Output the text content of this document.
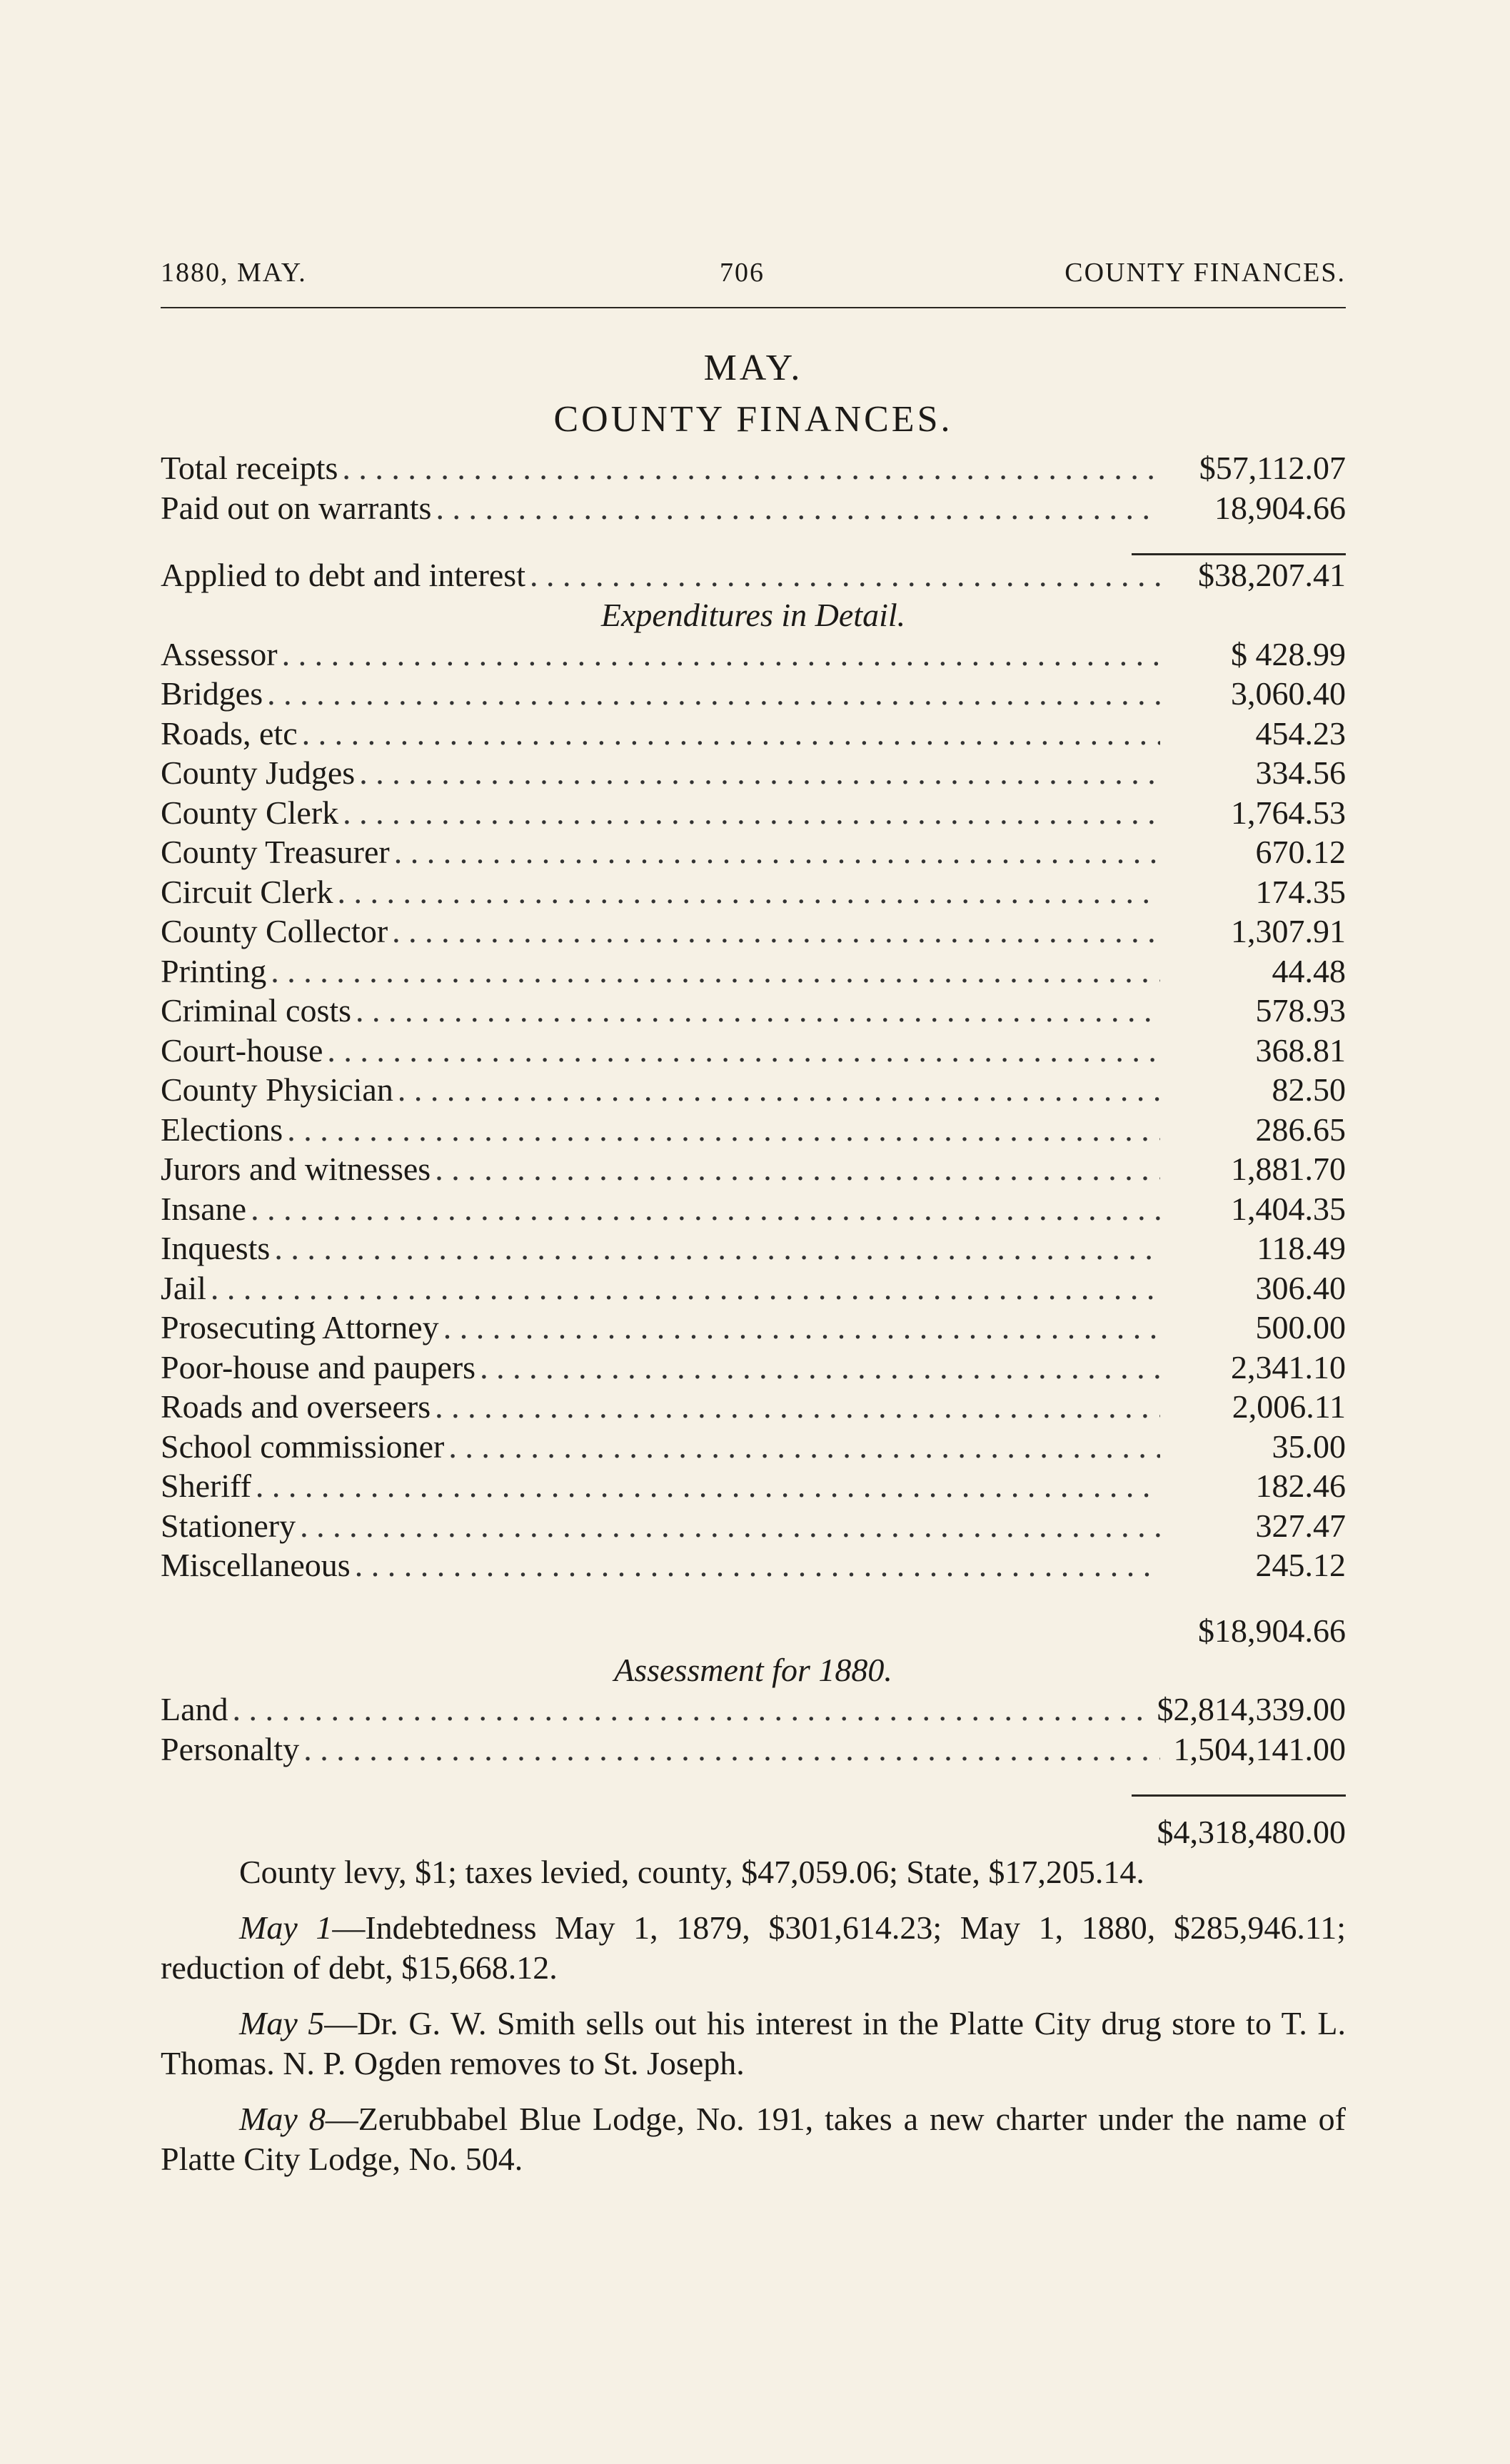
1880, MAY.	706	COUNTY FINANCES.
MAY.
COUNTY FINANCES.
Total receipts . . .	$57,112.07
Paid out on warrants . . .	18,904.66
Applied to debt and interest . . .	$38,207.41
Expenditures in Detail.
Assessor . . .	$ 428.99
Bridges . . .	3,060.40
Roads, etc . . .	454.23
County Judges . . .	334.56
County Clerk . . .	1,764.53
County Treasurer . . .	670.12
Circuit Clerk . . .	174.35
County Collector . . .	1,307.91
Printing . . .	44.48
Criminal costs . . .	578.93
Court-house . . .	368.81
County Physician . . .	82.50
Elections . . .	286.65
Jurors and witnesses . . .	1,881.70
Insane . . .	1,404.35
Inquests . . .	118.49
Jail . . .	306.40
Prosecuting Attorney . . .	500.00
Poor-house and paupers . . .	2,341.10
Roads and overseers . . .	2,006.11
School commissioner . . .	35.00
Sheriff . . .	182.46
Stationery . . .	327.47
Miscellaneous . . .	245.12
$18,904.66
Assessment for 1880.
Land . . .	$2,814,339.00
Personalty . . .	1,504,141.00
$4,318,480.00

County levy, $1; taxes levied, county, $47,059.06; State, $17,205.14.

May 1—Indebtedness May 1, 1879, $301,614.23; May 1, 1880, $285,946.11; reduction of debt, $15,668.12.

May 5—Dr. G. W. Smith sells out his interest in the Platte City drug store to T. L. Thomas. N. P. Ogden removes to St. Joseph.

May 8—Zerubbabel Blue Lodge, No. 191, takes a new charter under the name of Platte City Lodge, No. 504.
